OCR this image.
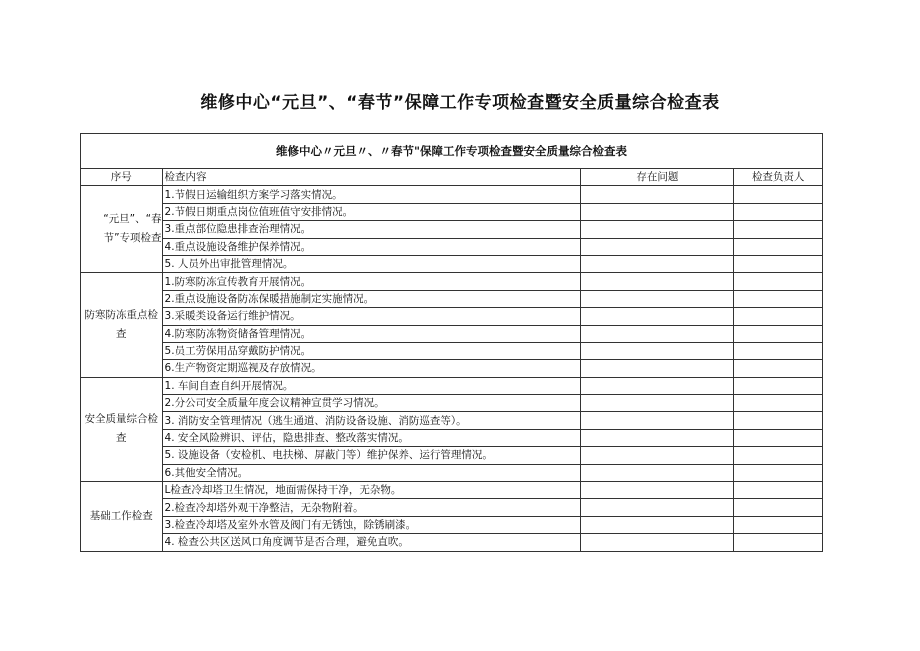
维修中心“元旦”、“春节”保障工作专项检查暨安全质量综合检查表
维修中心〃元旦〃、〃春节"保障工作专项检查暨安全质量综合检查表			
序号	检查内容	存在问题	检查负责人
“元旦”、“春节”专项检查	1.节假日运输组织方案学习落实情况。		
	2.节假日期重点岗位值班值守安排情况。		
	3.重点部位隐患排查治理情况。		
	4.重点设施设备维护保养情况。		
	5. 人员外出审批管理情况。		
防寒防冻重点检查	1.防寒防冻宣传教育开展情况。		
	2.重点设施设备防冻保暖措施制定实施情况。		
	3.采暖类设备运行维护情况。		
	4.防寒防冻物资储备管理情况。		
	5.员工劳保用品穿戴防护情况。		
	6.生产物资定期巡视及存放情况。		
安全质量综合检查	1. 车间自查自纠开展情况。		
	2.分公司安全质量年度会议精神宣贯学习情况。		
	3. 消防安全管理情况（逃生通道、消防设备设施、消防巡查等）。		
	4. 安全风险辨识、评估，隐患排查、整改落实情况。		
	5. 设施设备（安检机、电扶梯、屏蔽门等）维护保养、运行管理情况。		
	6.其他安全情况。		
基础工作检查	L检查冷却塔卫生情况，地面需保持干净，无杂物。		
	2.检查冷却塔外观干净整洁，无杂物附着。		
	3.检查冷却塔及室外水管及阀门有无锈蚀，除锈刷漆。		
	4. 检查公共区送风口角度调节是否合理，避免直吹。		
